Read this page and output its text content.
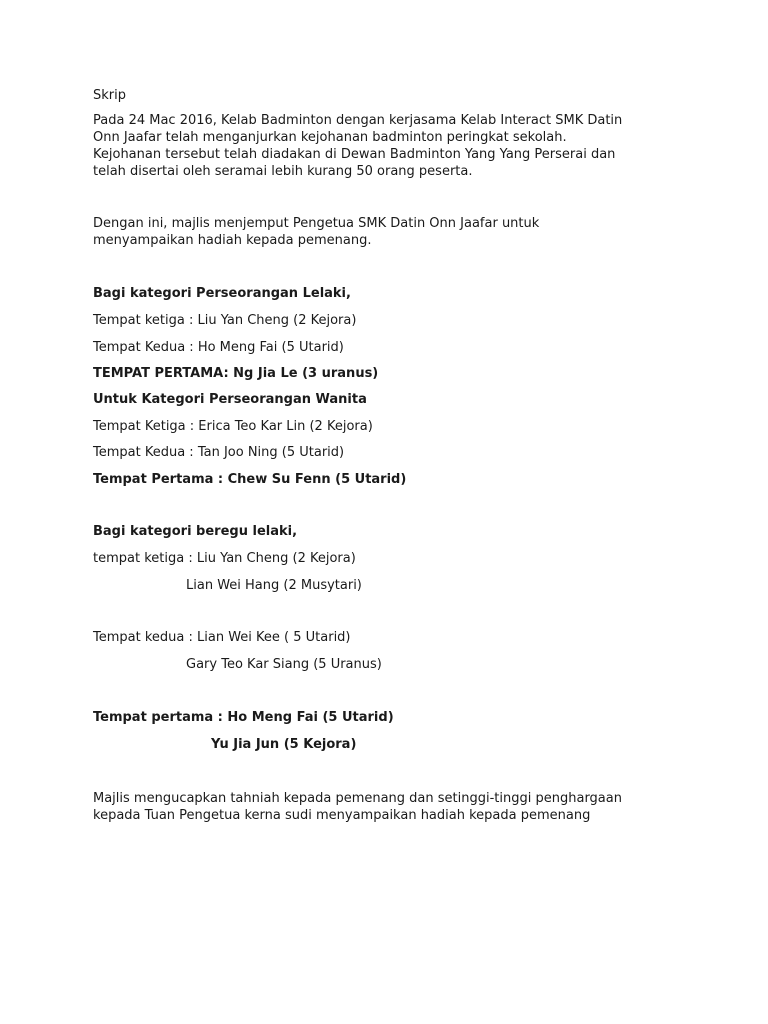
Skrip
Pada 24 Mac 2016, Kelab Badminton dengan kerjasama Kelab Interact SMK Datin
Onn Jaafar telah menganjurkan kejohanan badminton peringkat sekolah.
Kejohanan tersebut telah diadakan di Dewan Badminton Yang Yang Perserai dan
telah disertai oleh seramai lebih kurang 50 orang peserta.
Dengan ini, majlis menjemput Pengetua SMK Datin Onn Jaafar untuk
menyampaikan hadiah kepada pemenang.
Bagi kategori Perseorangan Lelaki,
Tempat ketiga : Liu Yan Cheng (2 Kejora)
Tempat Kedua : Ho Meng Fai (5 Utarid)
TEMPAT PERTAMA: Ng Jia Le (3 uranus)
Untuk Kategori Perseorangan Wanita
Tempat Ketiga : Erica Teo Kar Lin (2 Kejora)
Tempat Kedua : Tan Joo Ning (5 Utarid)
Tempat Pertama : Chew Su Fenn (5 Utarid)
Bagi kategori beregu lelaki,
tempat ketiga : Liu Yan Cheng (2 Kejora)
Lian Wei Hang (2 Musytari)
Tempat kedua : Lian Wei Kee ( 5 Utarid)
Gary Teo Kar Siang (5 Uranus)
Tempat pertama : Ho Meng Fai (5 Utarid)
Yu Jia Jun (5 Kejora)
Majlis mengucapkan tahniah kepada pemenang dan setinggi-tinggi penghargaan
kepada Tuan Pengetua kerna sudi menyampaikan hadiah kepada pemenang
